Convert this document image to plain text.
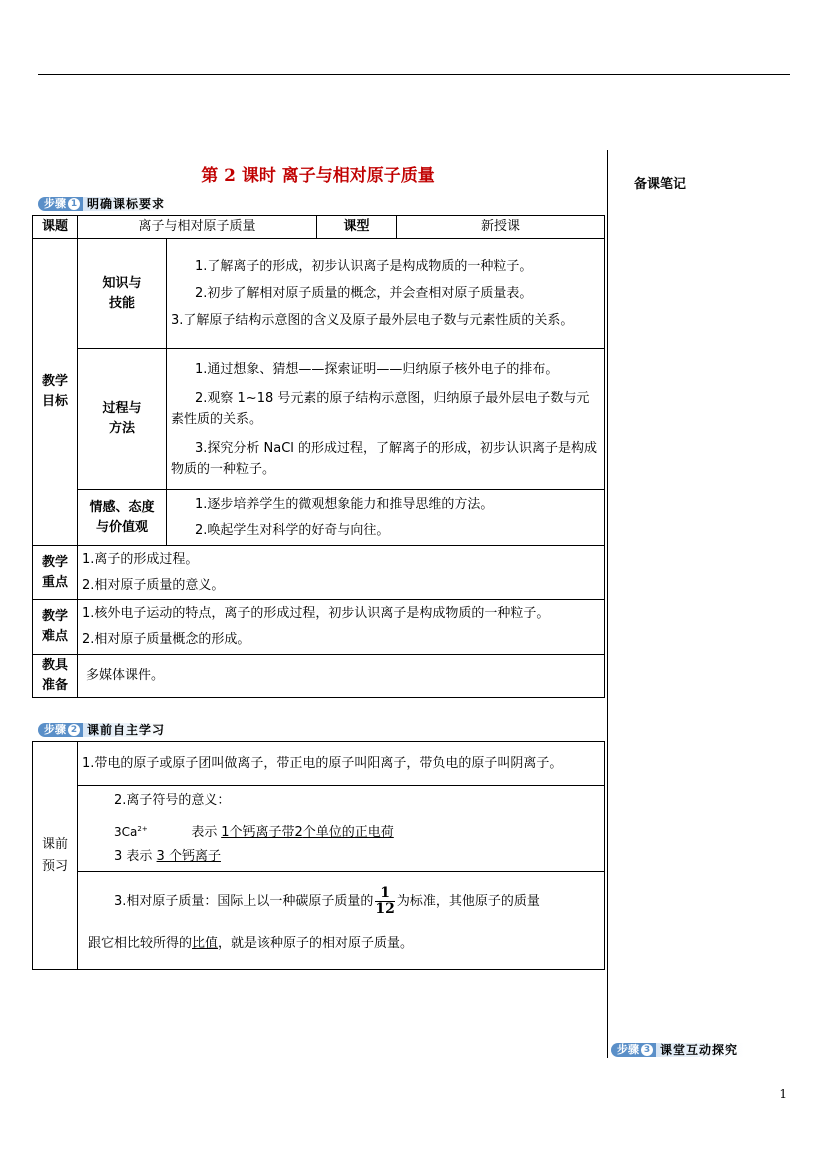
第 2 课时 离子与相对原子质量	备课笔记
步骤 1 明确课标要求
课题	离子与相对原子质量		课型	新授课
教学目标	知识与技能	1.了解离子的形成，初步认识离子是构成物质的一种粒子。
2.初步了解相对原子质量的概念，并会查相对原子质量表。
3.了解原子结构示意图的含义及原子最外层电子数与元素性质的关系。		

	过程与方法	1.通过想象、猜想——探索证明——归纳原子核外电子的排布。
2.观察 1~18 号元素的原子结构示意图，归纳原子最外层电子数与元素性质的关系。
3.探究分析 NaCl 的形成过程，了解离子的形成，初步认识离子是构成物质的一种粒子。		

	情感、态度与价值观	1.逐步培养学生的微观想象能力和推导思维的方法。
2.唤起学生对科学的好奇与向往。		

教学重点	1.离子的形成过程。
2.相对原子质量的意义。			

教学难点	1.核外电子运动的特点，离子的形成过程，初步认识离子是构成物质的一种粒子。
2.相对原子质量概念的形成。			

教具准备	多媒体课件。			
步骤 2 课前自主学习
课前预习	1.带电的原子或原子团叫做离子，带正电的原子叫阳离子，带负电的原子叫阴离子。

2.离子符号的意义：
$3Ca^{2+}$	表示 1个钙离子带2个单位的正电荷
3 表示 3 个钙离子

3.相对原子质量：国际上以一种碳原子质量的 $\frac{1}{12}$ 为标准，其他原子的质量
跟它相比较所得的比值，就是该种原子的相对原子质量。
步骤 3 课堂互动探究
1
